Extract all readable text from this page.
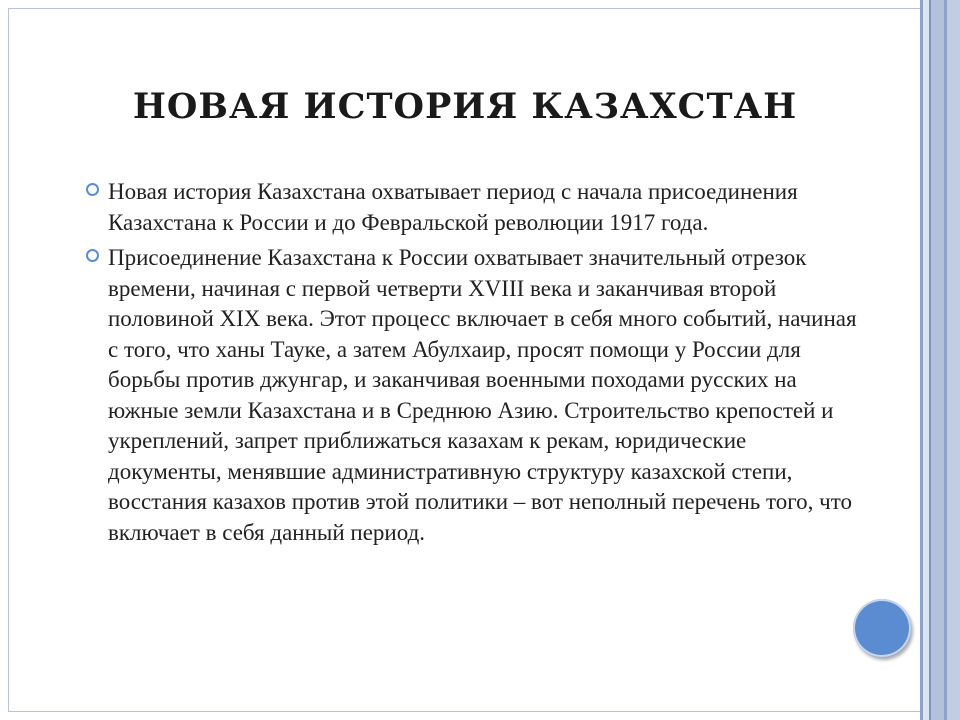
НОВАЯ ИСТОРИЯ КАЗАХСТАН

Новая история Казахстана охватывает период с начала присоединения Казахстана к России и до Февральской революции 1917 года.

Присоединение Казахстана к России охватывает значительный отрезок времени, начиная с первой четверти XVIII века и заканчивая второй половиной XIX века. Этот процесс включает в себя много событий, начиная с того, что ханы Тауке, а затем Абулхаир, просят помощи у России для борьбы против джунгар, и заканчивая военными походами русских на южные земли Казахстана и в Среднюю Азию. Строительство крепостей и укреплений, запрет приближаться казахам к рекам, юридические документы, менявшие административную структуру казахской степи, восстания казахов против этой политики – вот неполный перечень того, что включает в себя данный период.
